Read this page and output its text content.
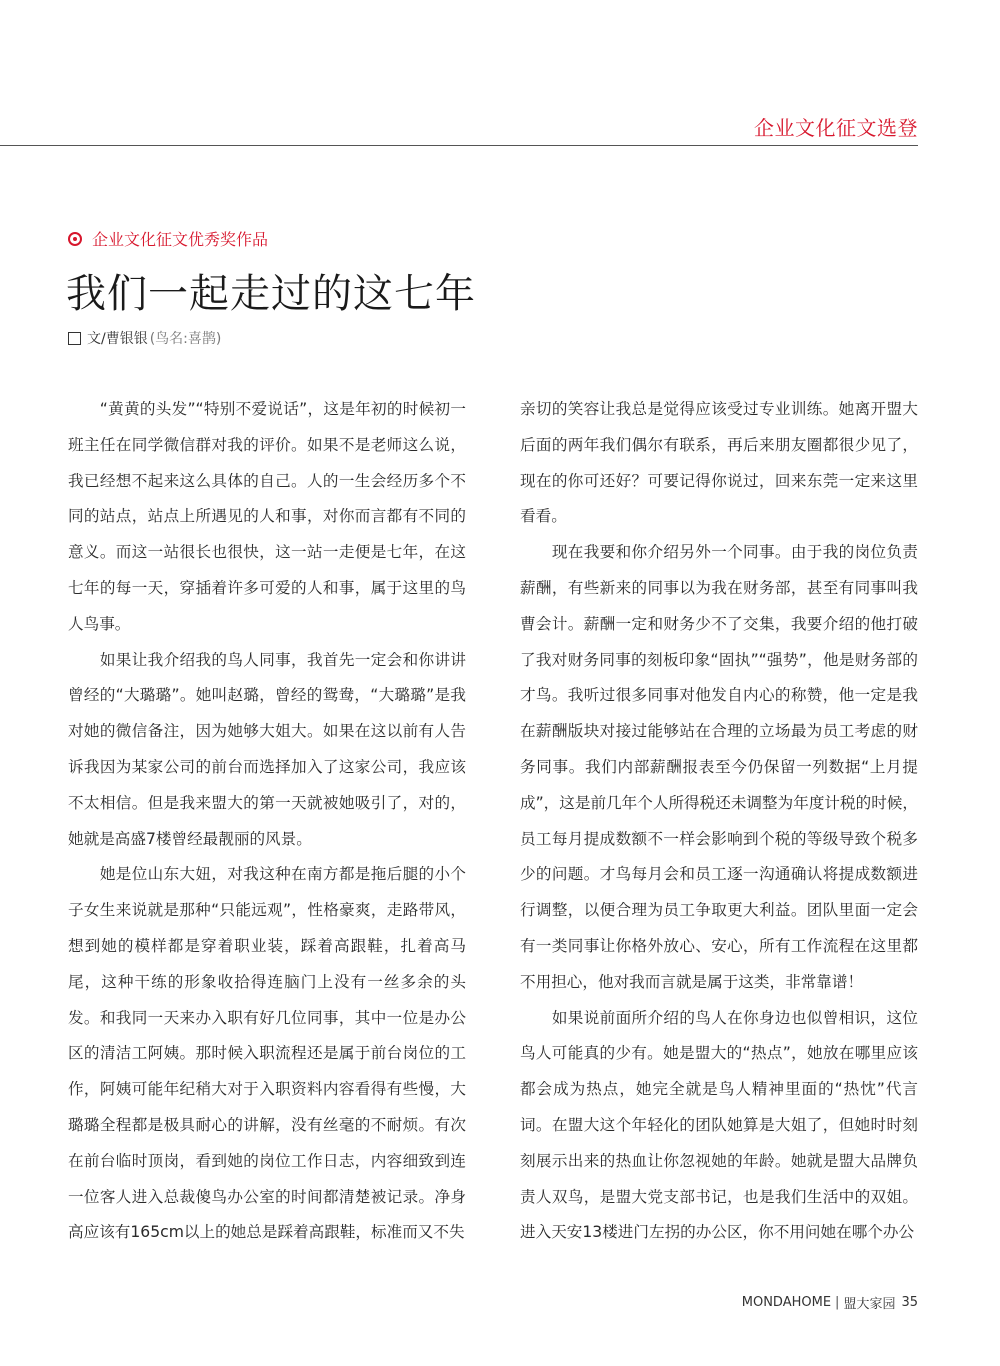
企业文化征文选登
企业文化征文优秀奖作品
我们一起走过的这七年
文/曹银银 (鸟名:喜鹊)

　　“黄黄的头发”“特别不爱说话”，这是年初的时候初一班主任在同学微信群对我的评价。如果不是老师这么说，我已经想不起来这么具体的自己。人的一生会经历多个不同的站点，站点上所遇见的人和事，对你而言都有不同的意义。而这一站很长也很快，这一站一走便是七年，在这七年的每一天，穿插着许多可爱的人和事，属于这里的鸟人鸟事。

　　如果让我介绍我的鸟人同事，我首先一定会和你讲讲曾经的“大璐璐”。她叫赵璐，曾经的鸳鸯，“大璐璐”是我对她的微信备注，因为她够大姐大。如果在这以前有人告诉我因为某家公司的前台而选择加入了这家公司，我应该不太相信。但是我来盟大的第一天就被她吸引了，对的，她就是高盛7楼曾经最靓丽的风景。

　　她是位山东大妞，对我这种在南方都是拖后腿的小个子女生来说就是那种“只能远观”，性格豪爽，走路带风，想到她的模样都是穿着职业装，踩着高跟鞋，扎着高马尾，这种干练的形象收拾得连脑门上没有一丝多余的头发。和我同一天来办入职有好几位同事，其中一位是办公区的清洁工阿姨。那时候入职流程还是属于前台岗位的工作，阿姨可能年纪稍大对于入职资料内容看得有些慢，大璐璐全程都是极具耐心的讲解，没有丝毫的不耐烦。有次在前台临时顶岗，看到她的岗位工作日志，内容细致到连一位客人进入总裁傻鸟办公室的时间都清楚被记录。净身高应该有165cm以上的她总是踩着高跟鞋，标准而又不失

亲切的笑容让我总是觉得应该受过专业训练。她离开盟大后面的两年我们偶尔有联系，再后来朋友圈都很少见了，现在的你可还好？可要记得你说过，回来东莞一定来这里看看。

　　现在我要和你介绍另外一个同事。由于我的岗位负责薪酬，有些新来的同事以为我在财务部，甚至有同事叫我曹会计。薪酬一定和财务少不了交集，我要介绍的他打破了我对财务同事的刻板印象“固执”“强势”，他是财务部的才鸟。我听过很多同事对他发自内心的称赞，他一定是我在薪酬版块对接过能够站在合理的立场最为员工考虑的财务同事。我们内部薪酬报表至今仍保留一列数据“上月提成”，这是前几年个人所得税还未调整为年度计税的时候，员工每月提成数额不一样会影响到个税的等级导致个税多少的问题。才鸟每月会和员工逐一沟通确认将提成数额进行调整，以便合理为员工争取更大利益。团队里面一定会有一类同事让你格外放心、安心，所有工作流程在这里都不用担心，他对我而言就是属于这类，非常靠谱！

　　如果说前面所介绍的鸟人在你身边也似曾相识，这位鸟人可能真的少有。她是盟大的“热点”，她放在哪里应该都会成为热点，她完全就是鸟人精神里面的“热忱”代言词。在盟大这个年轻化的团队她算是大姐了，但她时时刻刻展示出来的热血让你忽视她的年龄。她就是盟大品牌负责人双鸟，是盟大党支部书记，也是我们生活中的双姐。进入天安13楼进门左拐的办公区，你不用问她在哪个办公

MONDAHOME | 盟大家园 35
